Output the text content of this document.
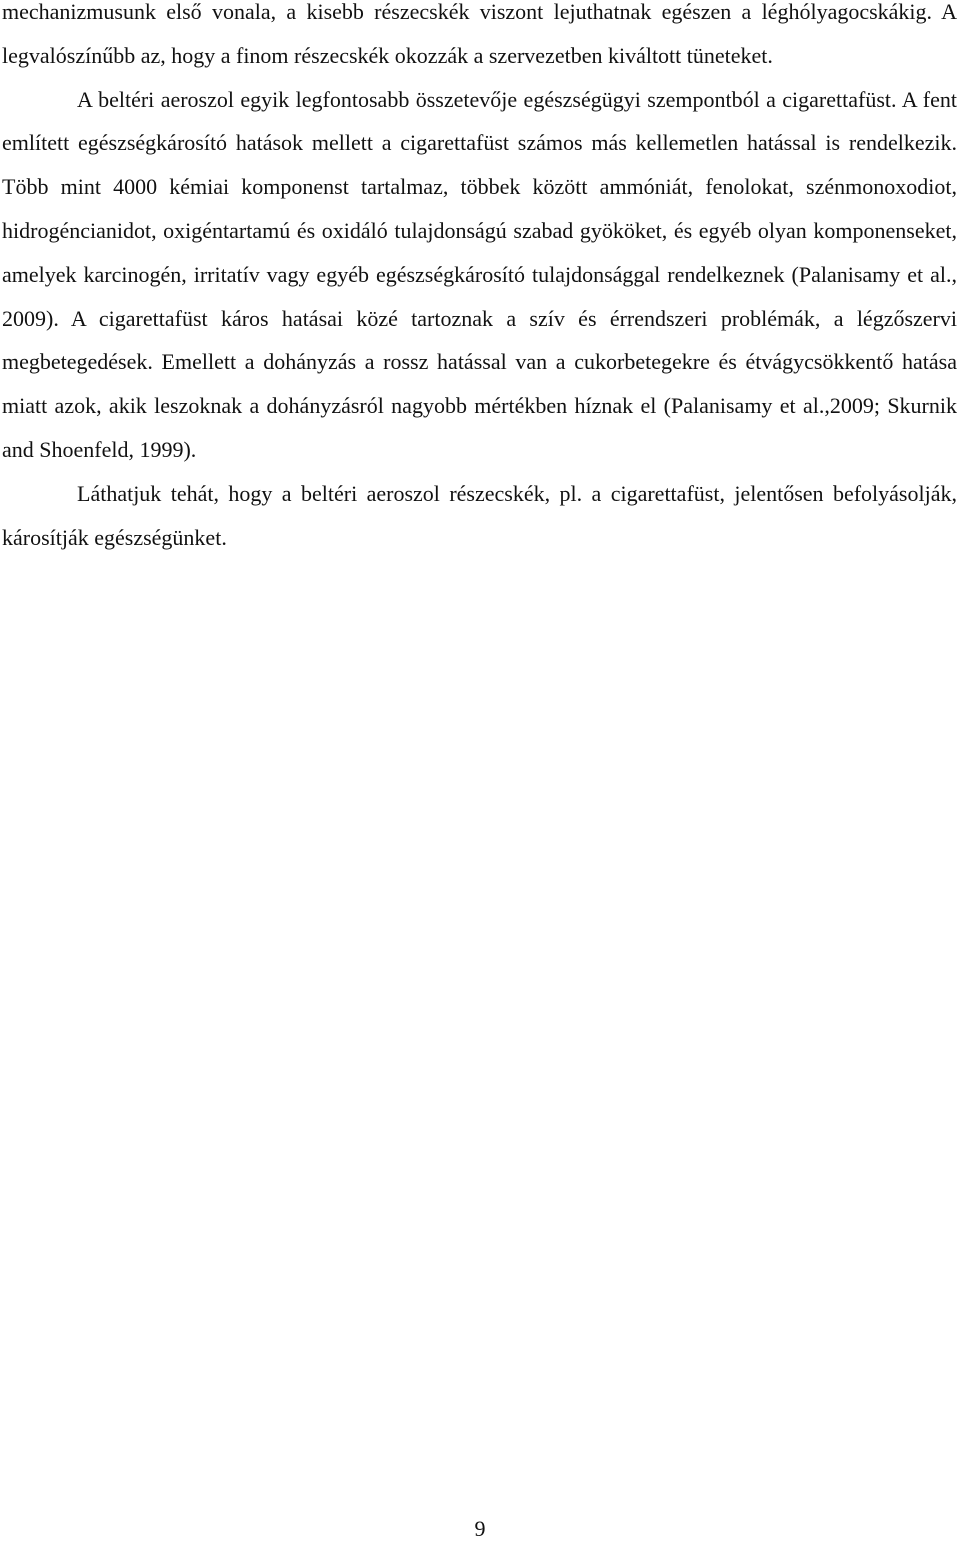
mechanizmusunk első vonala, a kisebb részecskék viszont lejuthatnak egészen a léghólyagocskákig. A legvalószínűbb az, hogy a finom részecskék okozzák a szervezetben kiváltott tüneteket.

A beltéri aeroszol egyik legfontosabb összetevője egészségügyi szempontból a cigarettafüst. A fent említett egészségkárosító hatások mellett a cigarettafüst számos más kellemetlen hatással is rendelkezik. Több mint 4000 kémiai komponenst tartalmaz, többek között ammóniát, fenolokat, szénmonoxodiot, hidrogéncianidot, oxigéntartamú és oxidáló tulajdonságú szabad gyököket, és egyéb olyan komponenseket, amelyek karcinogén, irritatív vagy egyéb egészségkárosító tulajdonsággal rendelkeznek (Palanisamy et al., 2009). A cigarettafüst káros hatásai közé tartoznak a szív és érrendszeri problémák, a légzőszervi megbetegedések. Emellett a dohányzás a rossz hatással van a cukorbetegekre és étvágycsökkentő hatása miatt azok, akik leszoknak a dohányzásról nagyobb mértékben híznak el (Palanisamy et al.,2009; Skurnik and Shoenfeld, 1999).

Láthatjuk tehát, hogy a beltéri aeroszol részecskék, pl. a cigarettafüst, jelentősen befolyásolják, károsítják egészségünket.

9
